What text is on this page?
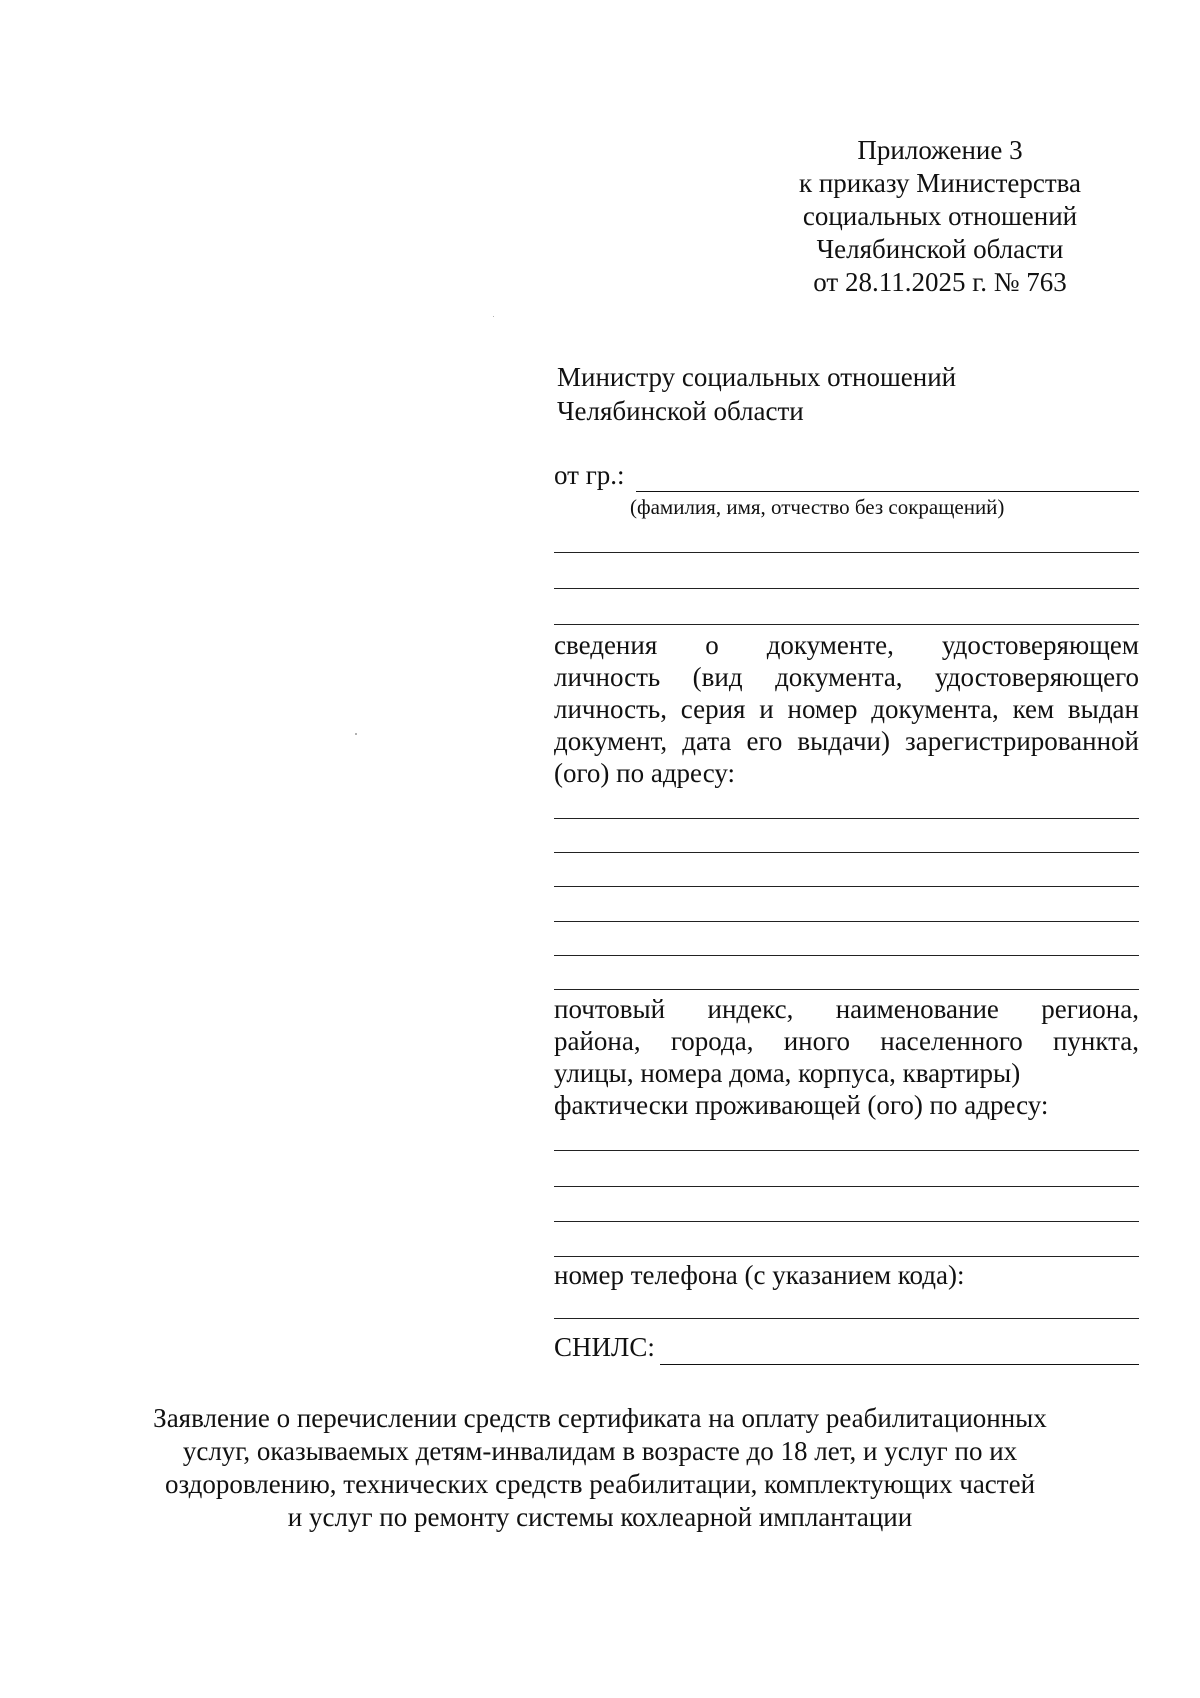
Приложение 3
к приказу Министерства
социальных отношений
Челябинской области
от 28.11.2025 г. № 763
Министру социальных отношений
Челябинской области
от гр.:
(фамилия, имя, отчество без сокращений)
сведения о документе, удостоверяющем
личность (вид документа, удостоверяющего
личность, серия и номер документа, кем выдан
документ, дата его выдачи) зарегистрированной
(ого) по адресу:
почтовый индекс, наименование региона,
района, города, иного населенного пункта,
улицы, номера дома, корпуса, квартиры)
фактически проживающей (ого) по адресу:
номер телефона (с указанием кода):
СНИЛС:
Заявление о перечислении средств сертификата на оплату реабилитационных
услуг, оказываемых детям-инвалидам в возрасте до 18 лет, и услуг по их
оздоровлению, технических средств реабилитации, комплектующих частей
и услуг по ремонту системы кохлеарной имплантации
